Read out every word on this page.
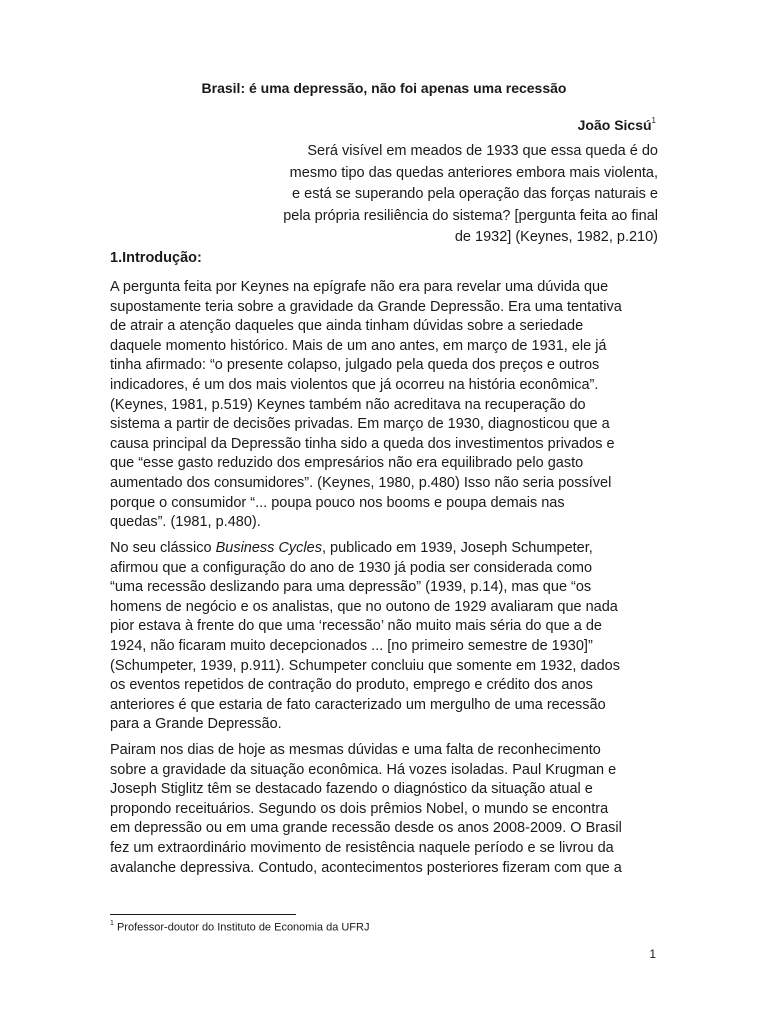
Brasil: é uma depressão, não foi apenas uma recessão
João Sicsú$^1$
Será visível em meados de 1933 que essa queda é do
mesmo tipo das quedas anteriores embora mais violenta,
e está se superando pela operação das forças naturais e
pela própria resiliência do sistema? [pergunta feita ao final
de 1932] (Keynes, 1982, p.210)
1.Introdução:
A pergunta feita por Keynes na epígrafe não era para revelar uma dúvida que
supostamente teria sobre a gravidade da Grande Depressão. Era uma tentativa
de atrair a atenção daqueles que ainda tinham dúvidas sobre a seriedade
daquele momento histórico. Mais de um ano antes, em março de 1931, ele já
tinha afirmado: “o presente colapso, julgado pela queda dos preços e outros
indicadores, é um dos mais violentos que já ocorreu na história econômica”.
(Keynes, 1981, p.519) Keynes também não acreditava na recuperação do
sistema a partir de decisões privadas. Em março de 1930, diagnosticou que a
causa principal da Depressão tinha sido a queda dos investimentos privados e
que “esse gasto reduzido dos empresários não era equilibrado pelo gasto
aumentado dos consumidores”. (Keynes, 1980, p.480) Isso não seria possível
porque o consumidor “... poupa pouco nos booms e poupa demais nas
quedas”. (1981, p.480).
No seu clássico Business Cycles, publicado em 1939, Joseph Schumpeter,
afirmou que a configuração do ano de 1930 já podia ser considerada como
“uma recessão deslizando para uma depressão” (1939, p.14), mas que “os
homens de negócio e os analistas, que no outono de 1929 avaliaram que nada
pior estava à frente do que uma ‘recessão’ não muito mais séria do que a de
1924, não ficaram muito decepcionados ... [no primeiro semestre de 1930]”
(Schumpeter, 1939, p.911). Schumpeter concluiu que somente em 1932, dados
os eventos repetidos de contração do produto, emprego e crédito dos anos
anteriores é que estaria de fato caracterizado um mergulho de uma recessão
para a Grande Depressão.
Pairam nos dias de hoje as mesmas dúvidas e uma falta de reconhecimento
sobre a gravidade da situação econômica. Há vozes isoladas. Paul Krugman e
Joseph Stiglitz têm se destacado fazendo o diagnóstico da situação atual e
propondo receituários. Segundo os dois prêmios Nobel, o mundo se encontra
em depressão ou em uma grande recessão desde os anos 2008-2009. O Brasil
fez um extraordinário movimento de resistência naquele período e se livrou da
avalanche depressiva. Contudo, acontecimentos posteriores fizeram com que a
$^1$ Professor-doutor do Instituto de Economia da UFRJ
1
